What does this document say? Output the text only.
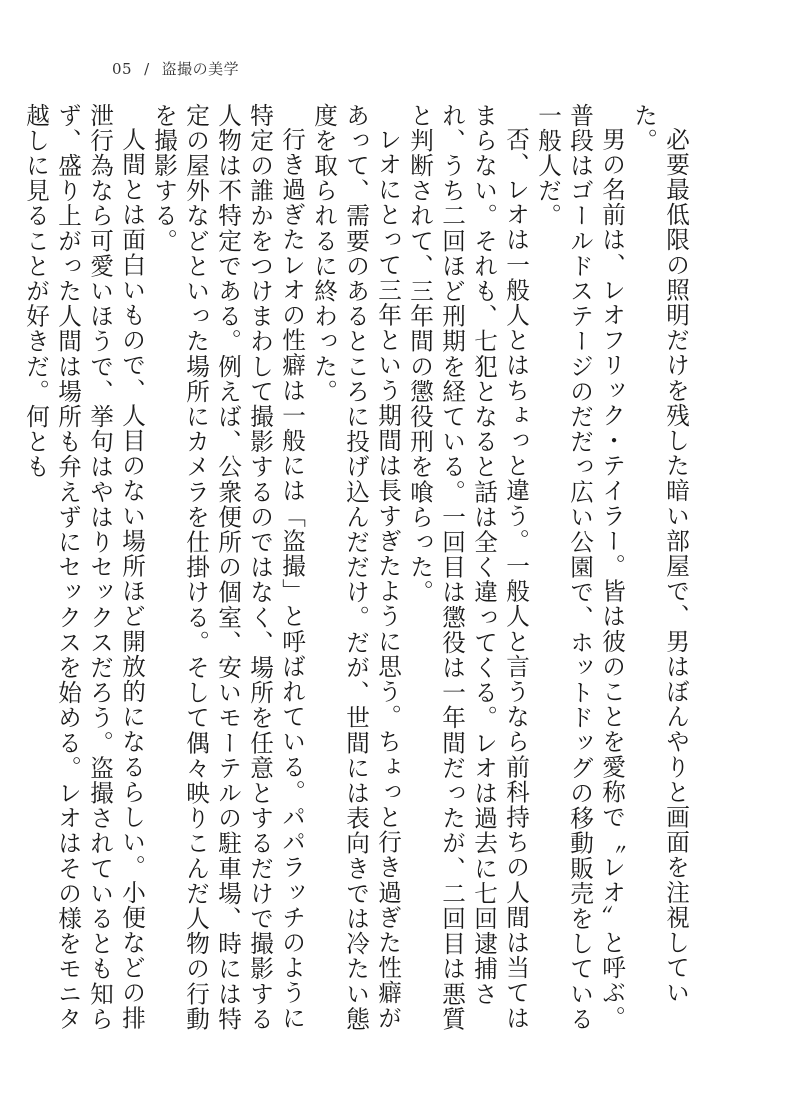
05 / 盗撮の美学

必要最低限の照明だけを残した暗い部屋で、男はぼんやりと画面を注視していた。

男の名前は、レオフリック・テイラー。皆は彼のことを愛称で〝レオ〟と呼ぶ。普段はゴールドステージのだだっ広い公園で、ホットドッグの移動販売をしている一般人だ。

否、レオは一般人とはちょっと違う。一般人と言うなら前科持ちの人間は当てはまらない。それも、七犯となると話は全く違ってくる。レオは過去に七回逮捕され、うち二回ほど刑期を経ている。一回目は懲役は一年間だったが、二回目は悪質と判断されて、三年間の懲役刑を喰らった。

レオにとって三年という期間は長すぎたように思う。ちょっと行き過ぎた性癖があって、需要のあるところに投げ込んだだけ。だが、世間には表向きでは冷たい態度を取られるに終わった。

行き過ぎたレオの性癖は一般には「盗撮」と呼ばれている。パパラッチのように特定の誰かをつけまわして撮影するのではなく、場所を任意とするだけで撮影する人物は不特定である。例えば、公衆便所の個室、安いモーテルの駐車場、時には特定の屋外などといった場所にカメラを仕掛ける。そして偶々映りこんだ人物の行動を撮影する。

人間とは面白いもので、人目のない場所ほど開放的になるらしい。小便などの排泄行為なら可愛いほうで、挙句はやはりセックスだろう。盗撮されているとも知らず、盛り上がった人間は場所も弁えずにセックスを始める。レオはその様をモニタ越しに見ることが好きだ。何とも
